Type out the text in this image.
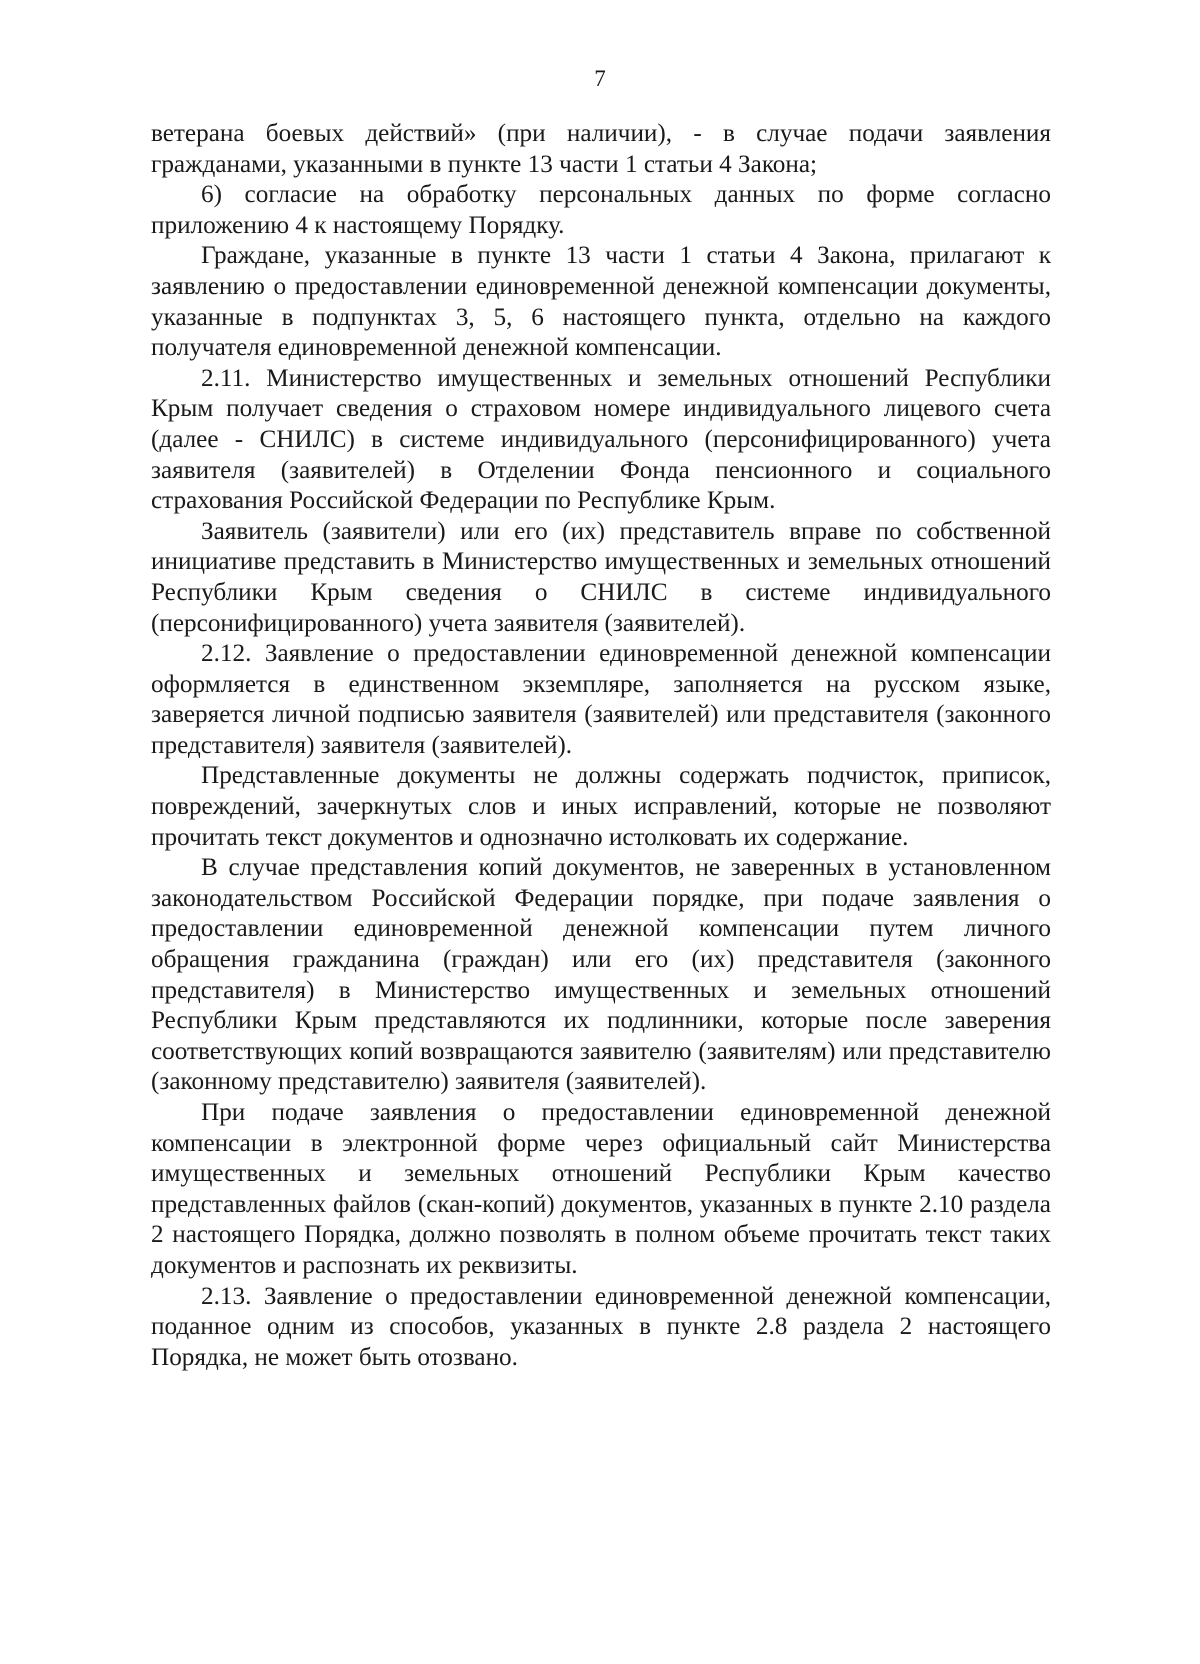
7

ветерана боевых действий» (при наличии), - в случае подачи заявления гражданами, указанными в пункте 13 части 1 статьи 4 Закона;

6) согласие на обработку персональных данных по форме согласно приложению 4 к настоящему Порядку.

Граждане, указанные в пункте 13 части 1 статьи 4 Закона, прилагают к заявлению о предоставлении единовременной денежной компенсации документы, указанные в подпунктах 3, 5, 6 настоящего пункта, отдельно на каждого получателя единовременной денежной компенсации.

2.11. Министерство имущественных и земельных отношений Республики Крым получает сведения о страховом номере индивидуального лицевого счета (далее - СНИЛС) в системе индивидуального (персонифицированного) учета заявителя (заявителей) в Отделении Фонда пенсионного и социального страхования Российской Федерации по Республике Крым.

Заявитель (заявители) или его (их) представитель вправе по собственной инициативе представить в Министерство имущественных и земельных отношений Республики Крым сведения о СНИЛС в системе индивидуального (персонифицированного) учета заявителя (заявителей).

2.12. Заявление о предоставлении единовременной денежной компенсации оформляется в единственном экземпляре, заполняется на русском языке, заверяется личной подписью заявителя (заявителей) или представителя (законного представителя) заявителя (заявителей).

Представленные документы не должны содержать подчисток, приписок, повреждений, зачеркнутых слов и иных исправлений, которые не позволяют прочитать текст документов и однозначно истолковать их содержание.

В случае представления копий документов, не заверенных в установленном законодательством Российской Федерации порядке, при подаче заявления о предоставлении единовременной денежной компенсации путем личного обращения гражданина (граждан) или его (их) представителя (законного представителя) в Министерство имущественных и земельных отношений Республики Крым представляются их подлинники, которые после заверения соответствующих копий возвращаются заявителю (заявителям) или представителю (законному представителю) заявителя (заявителей).

При подаче заявления о предоставлении единовременной денежной компенсации в электронной форме через официальный сайт Министерства имущественных и земельных отношений Республики Крым качество представленных файлов (скан-копий) документов, указанных в пункте 2.10 раздела 2 настоящего Порядка, должно позволять в полном объеме прочитать текст таких документов и распознать их реквизиты.

2.13. Заявление о предоставлении единовременной денежной компенсации, поданное одним из способов, указанных в пункте 2.8 раздела 2 настоящего Порядка, не может быть отозвано.
